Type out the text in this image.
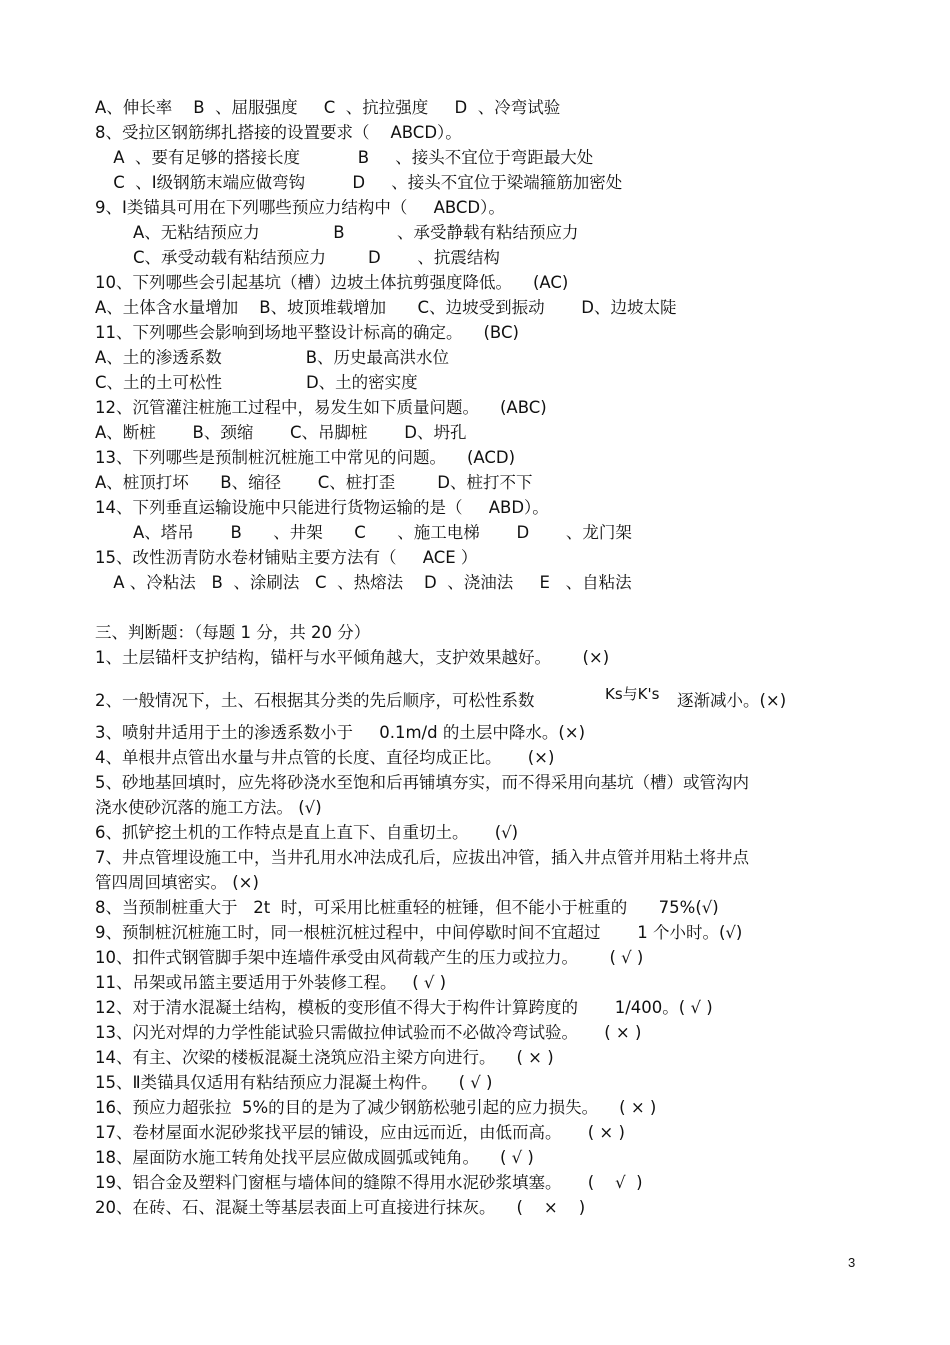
A、伸长率    B  、屈服强度     C  、抗拉强度     D  、冷弯试验
8、受拉区钢筋绑扎搭接的设置要求（    ABCD）。
A  、要有足够的搭接长度           B     、接头不宜位于弯距最大处
C  、Ⅰ级钢筋末端应做弯钩         D     、接头不宜位于梁端箍筋加密处
9、Ⅰ类锚具可用在下列哪些预应力结构中（     ABCD）。
A、无粘结预应力              B          、承受静载有粘结预应力
C、承受动载有粘结预应力        D       、抗震结构
10、下列哪些会引起基坑（槽）边坡土体抗剪强度降低。    (AC)
A、土体含水量增加    B、坡顶堆载增加      C、边坡受到振动       D、边坡太陡
11、下列哪些会影响到场地平整设计标高的确定。    (BC)
A、土的渗透系数                B、历史最高洪水位
C、土的土可松性                D、土的密实度
12、沉管灌注桩施工过程中，易发生如下质量问题。    (ABC)
A、断桩       B、颈缩       C、吊脚桩       D、坍孔
13、下列哪些是预制桩沉桩施工中常见的问题。    (ACD)
A、桩顶打坏      B、缩径       C、桩打歪        D、桩打不下
14、下列垂直运输设施中只能进行货物运输的是（     ABD）。
A、塔吊       B      、井架      C      、施工电梯       D       、龙门架
15、改性沥青防水卷材铺贴主要方法有（     ACE ）
A 、冷粘法   B  、涂刷法   C  、热熔法    D  、浇油法     E   、自粘法
三、判断题：（每题 1 分，共 20 分）
1、土层锚杆支护结构，锚杆与水平倾角越大，支护效果越好。      (×)
2、一般情况下，土、石根据其分类的先后顺序，可松性系数	Ks与K's 逐渐减小。(×)
3、喷射井适用于土的渗透系数小于     0.1m/d 的土层中降水。(×)
4、单根井点管出水量与井点管的长度、直径均成正比。     (×)
5、砂地基回填时，应先将砂浇水至饱和后再铺填夯实，而不得采用向基坑（槽）或管沟内
浇水使砂沉落的施工方法。 (√)
6、抓铲挖土机的工作特点是直上直下、自重切土。     (√)
7、井点管埋设施工中，当井孔用水冲法成孔后，应拔出冲管，插入井点管并用粘土将井点
管四周回填密实。 (×)
8、当预制桩重大于   2t  时，可采用比桩重轻的桩锤，但不能小于桩重的      75%(√)
9、预制桩沉桩施工时，同一根桩沉桩过程中，中间停歇时间不宜超过       1 个小时。(√)
10、扣件式钢管脚手架中连墙件承受由风荷载产生的压力或拉力。      ( √ )
11、吊架或吊篮主要适用于外装修工程。   ( √ )
12、对于清水混凝土结构，模板的变形值不得大于构件计算跨度的       1/400。( √ )
13、闪光对焊的力学性能试验只需做拉伸试验而不必做冷弯试验。     ( × )
14、有主、次梁的楼板混凝土浇筑应沿主梁方向进行。    ( × )
15、Ⅱ类锚具仅适用有粘结预应力混凝土构件。    ( √ )
16、预应力超张拉  5%的目的是为了减少钢筋松驰引起的应力损失。    ( × )
17、卷材屋面水泥砂浆找平层的铺设，应由远而近，由低而高。     ( × )
18、屋面防水施工转角处找平层应做成圆弧或钝角。    ( √ )
19、铝合金及塑料门窗框与墙体间的缝隙不得用水泥砂浆填塞。     (    √  )
20、在砖、石、混凝土等基层表面上可直接进行抹灰。    (    ×    )
3
